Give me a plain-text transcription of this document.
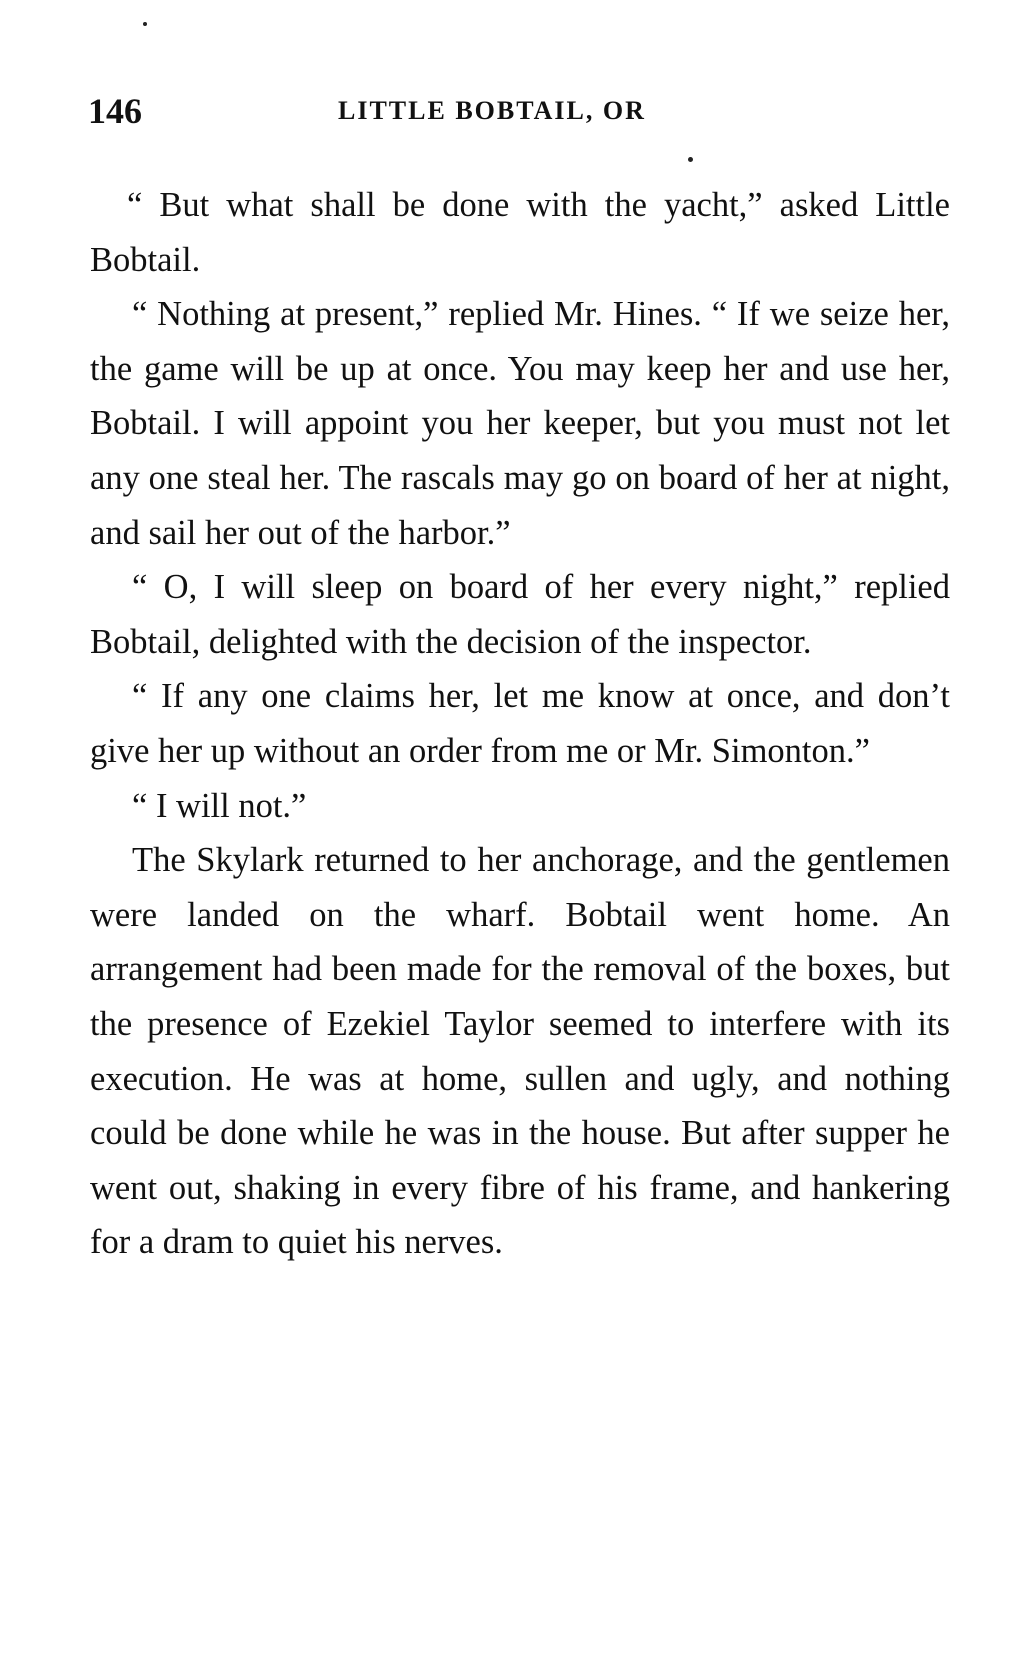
146	LITTLE BOBTAIL, OR

“ But what shall be done with the yacht,” asked Little Bobtail.

“ Nothing at present,” replied Mr. Hines. “ If we seize her, the game will be up at once. You may keep her and use her, Bobtail. I will appoint you her keeper, but you must not let any one steal her. The rascals may go on board of her at night, and sail her out of the harbor.”

“ O, I will sleep on board of her every night,” replied Bobtail, delighted with the decision of the inspector.

“ If any one claims her, let me know at once, and don’t give her up without an order from me or Mr. Simonton.”

“ I will not.”

The Skylark returned to her anchorage, and the gentlemen were landed on the wharf. Bobtail went home. An arrangement had been made for the removal of the boxes, but the presence of Ezekiel Taylor seemed to interfere with its execution. He was at home, sullen and ugly, and nothing could be done while he was in the house. But after supper he went out, shaking in every fibre of his frame, and hankering for a dram to quiet his nerves.
